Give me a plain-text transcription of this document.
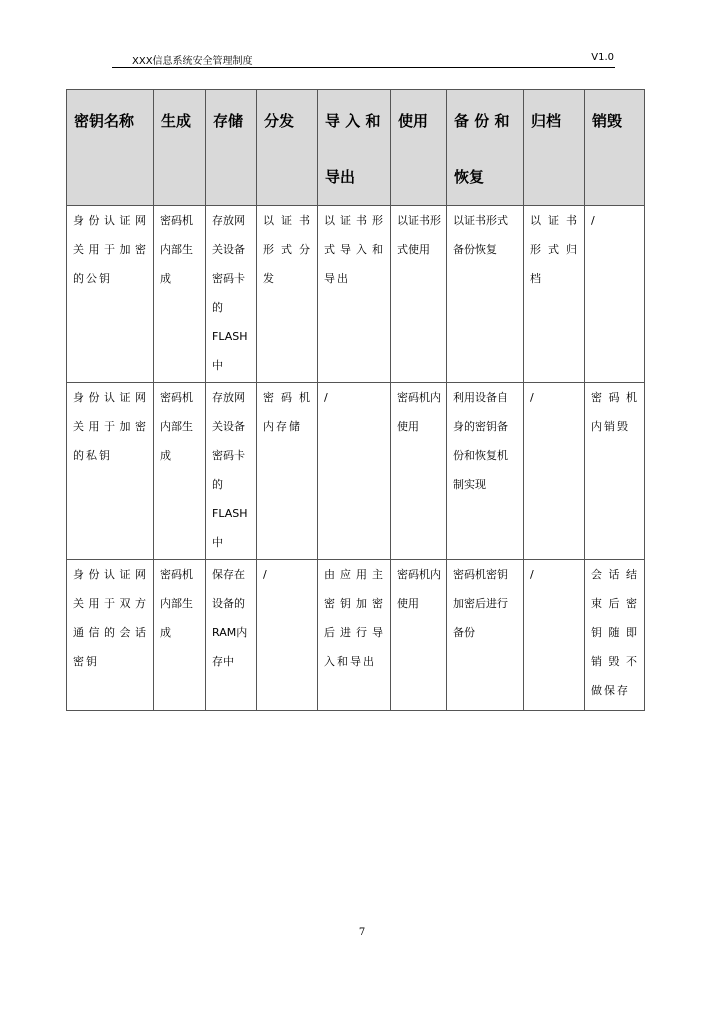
XXX信息系统安全管理制度	V1.0
密钥名称	生成	存储	分发	导 入 和 导出	使用	备 份 和 恢复	归档	销毁
身份认证网关用于加密的公钥	密码机内部生成	存放网关设备密码卡的FLASH中	以证书形式分发	以证书形式导入和导出	以证书形式使用	以证书形式备份恢复	以证书形式归档	/
身份认证网关用于加密的私钥	密码机内部生成	存放网关设备密码卡的FLASH中	密码机内存储	/	密码机内使用	利用设备自身的密钥备份和恢复机制实现	/	密码机内销毁
身份认证网关用于双方通信的会话密钥	密码机内部生成	保存在设备的RAM内存中	/	由应用主密钥加密后进行导入和导出	密码机内使用	密码机密钥加密后进行备份	/	会话结束后密钥随即销毁不做保存
7
